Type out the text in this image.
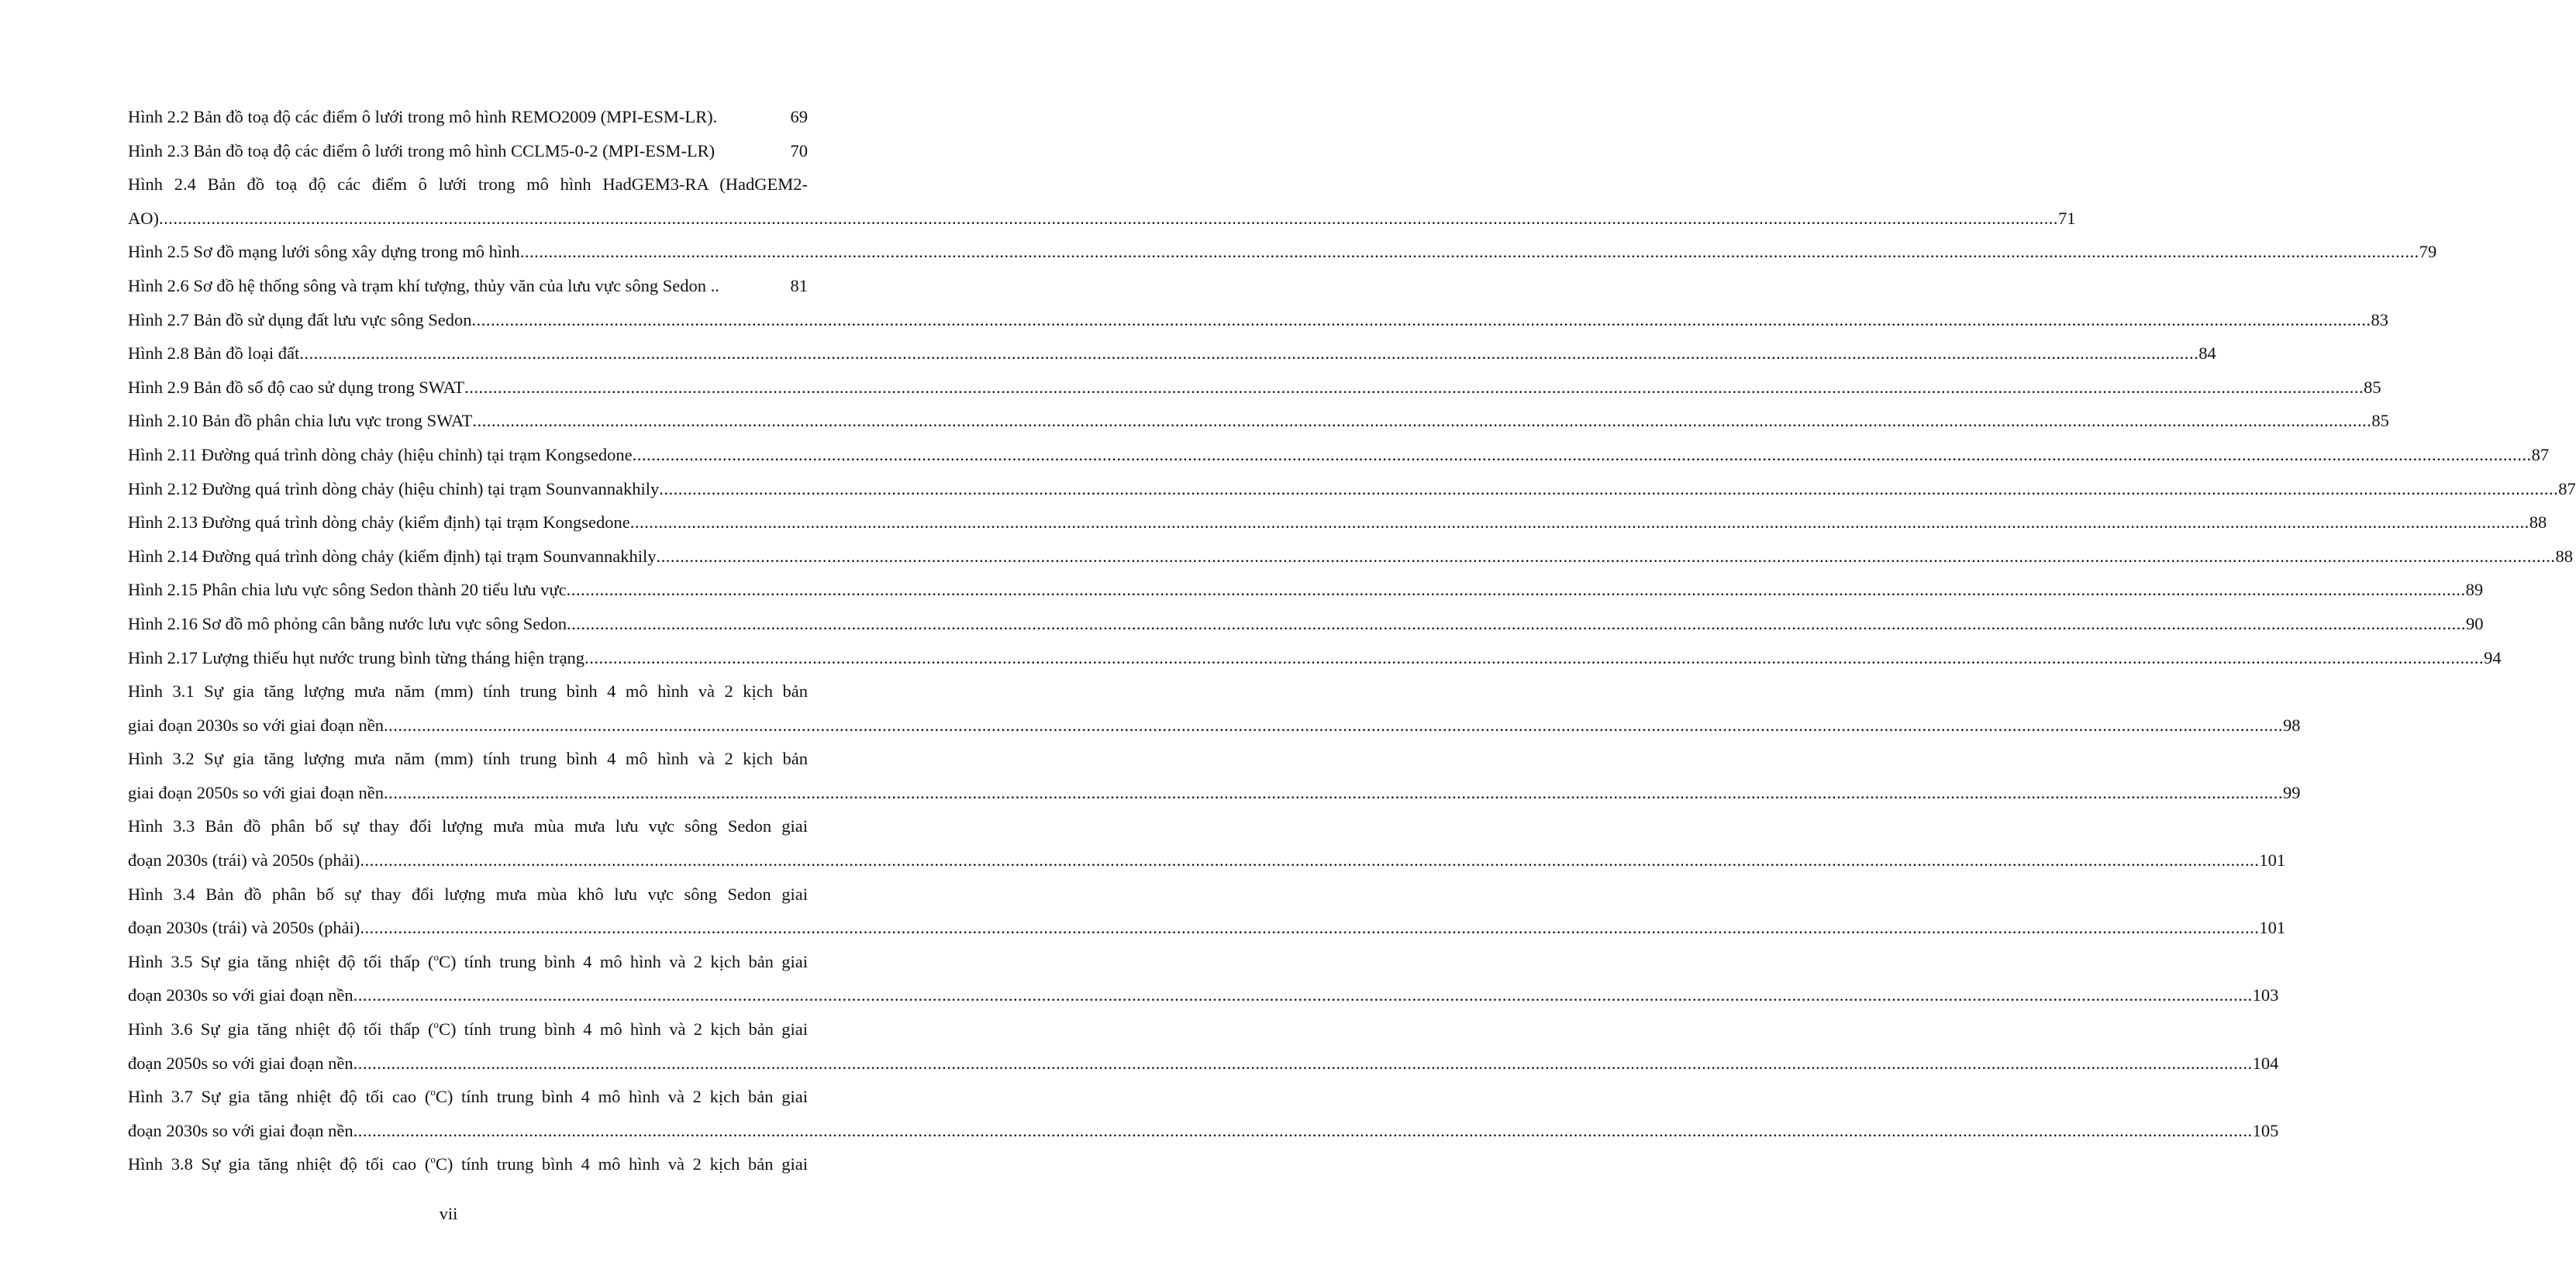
Hình 2.2 Bản đồ toạ độ các điểm ô lưới trong mô hình REMO2009 (MPI-ESM-LR).	69
Hình 2.3 Bản đồ toạ độ các điểm ô lưới trong mô hình CCLM5-0-2 (MPI-ESM-LR)	70
Hình 2.4 Bản đồ toạ độ các điểm ô lưới trong mô hình HadGEM3-RA (HadGEM2-
AO) ................................................................................................................................................................................................................................................................................................................................................................................................................ 71
Hình 2.5 Sơ đồ mạng lưới sông xây dựng trong mô hình ................................................................................................................................................................................................................................................................................................................................................................................................................ 79
Hình 2.6 Sơ đồ hệ thống sông và trạm khí tượng, thủy văn của lưu vực sông Sedon ..	81
Hình 2.7 Bản đồ sử dụng đất lưu vực sông Sedon ................................................................................................................................................................................................................................................................................................................................................................................................................ 83
Hình 2.8 Bản đồ loại đất ................................................................................................................................................................................................................................................................................................................................................................................................................ 84
Hình 2.9 Bản đồ số độ cao sử dụng trong SWAT ................................................................................................................................................................................................................................................................................................................................................................................................................ 85
Hình 2.10 Bản đồ phân chia lưu vực trong SWAT ................................................................................................................................................................................................................................................................................................................................................................................................................ 85
Hình 2.11 Đường quá trình dòng chảy (hiệu chỉnh) tại trạm Kongsedone ................................................................................................................................................................................................................................................................................................................................................................................................................ 87
Hình 2.12 Đường quá trình dòng chảy (hiệu chỉnh) tại trạm Sounvannakhily ................................................................................................................................................................................................................................................................................................................................................................................................................ 87
Hình 2.13 Đường quá trình dòng chảy (kiểm định) tại trạm Kongsedone ................................................................................................................................................................................................................................................................................................................................................................................................................ 88
Hình 2.14 Đường quá trình dòng chảy (kiểm định) tại trạm Sounvannakhily ................................................................................................................................................................................................................................................................................................................................................................................................................ 88
Hình 2.15 Phân chia lưu vực sông Sedon thành 20 tiểu lưu vực ................................................................................................................................................................................................................................................................................................................................................................................................................ 89
Hình 2.16 Sơ đồ mô phỏng cân bằng nước lưu vực sông Sedon ................................................................................................................................................................................................................................................................................................................................................................................................................ 90
Hình 2.17 Lượng thiếu hụt nước trung bình từng tháng hiện trạng ................................................................................................................................................................................................................................................................................................................................................................................................................ 94
Hình 3.1 Sự gia tăng lượng mưa năm (mm) tính trung bình 4 mô hình và 2 kịch bản
giai đoạn 2030s so với giai đoạn nền ................................................................................................................................................................................................................................................................................................................................................................................................................ 98
Hình 3.2 Sự gia tăng lượng mưa năm (mm) tính trung bình 4 mô hình và 2 kịch bản
giai đoạn 2050s so với giai đoạn nền ................................................................................................................................................................................................................................................................................................................................................................................................................ 99
Hình 3.3 Bản đồ phân bố sự thay đổi lượng mưa mùa mưa lưu vực sông Sedon giai
đoạn 2030s (trái) và 2050s (phải) ................................................................................................................................................................................................................................................................................................................................................................................................................ 101
Hình 3.4 Bản đồ phân bố sự thay đổi lượng mưa mùa khô lưu vực sông Sedon giai
đoạn 2030s (trái) và 2050s (phải) ................................................................................................................................................................................................................................................................................................................................................................................................................ 101
Hình 3.5 Sự gia tăng nhiệt độ tối thấp ($^o$C) tính trung bình 4 mô hình và 2 kịch bản giai
đoạn 2030s so với giai đoạn nền ................................................................................................................................................................................................................................................................................................................................................................................................................ 103
Hình 3.6 Sự gia tăng nhiệt độ tối thấp ($^o$C) tính trung bình 4 mô hình và 2 kịch bản giai
đoạn 2050s so với giai đoạn nền ................................................................................................................................................................................................................................................................................................................................................................................................................ 104
Hình 3.7 Sự gia tăng nhiệt độ tối cao ($^o$C) tính trung bình 4 mô hình và 2 kịch bản giai
đoạn 2030s so với giai đoạn nền ................................................................................................................................................................................................................................................................................................................................................................................................................ 105
Hình 3.8 Sự gia tăng nhiệt độ tối cao ($^o$C) tính trung bình 4 mô hình và 2 kịch bản giai
vii
